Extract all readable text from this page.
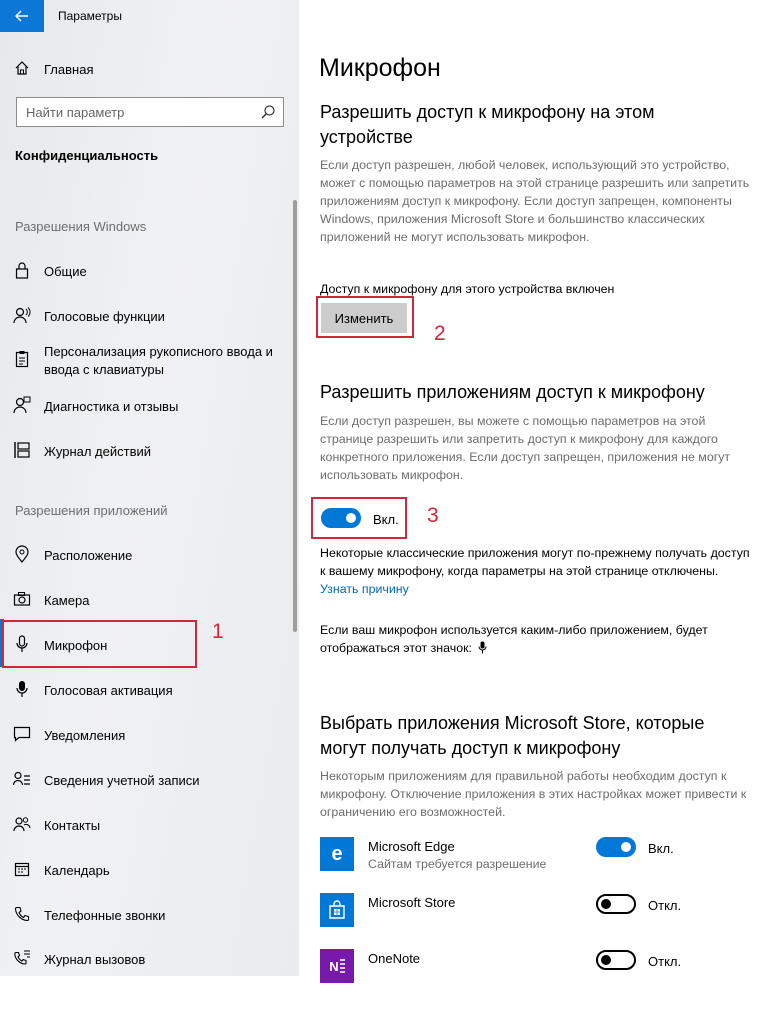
Параметры
Главная
Найти параметр
Конфиденциальность
Разрешения Windows
Общие
Голосовые функции
Персонализация рукописного ввода и ввода с клавиатуры
Диагностика и отзывы
Журнал действий
Разрешения приложений
Расположение
Камера
Микрофон
Голосовая активация
Уведомления
Сведения учетной записи
Контакты
Календарь
Телефонные звонки
Журнал вызовов
1
Микрофон
Разрешить доступ к микрофону на этом устройстве
Если доступ разрешен, любой человек, использующий это устройство, может с помощью параметров на этой странице разрешить или запретить приложениям доступ к микрофону. Если доступ запрещен, компоненты Windows, приложения Microsoft Store и большинство классических приложений не могут использовать микрофон.
Доступ к микрофону для этого устройства включен
Изменить
2
Разрешить приложениям доступ к микрофону
Если доступ разрешен, вы можете с помощью параметров на этой странице разрешить или запретить доступ к микрофону для каждого конкретного приложения. Если доступ запрещен, приложения не могут использовать микрофон.
Вкл. 3
Некоторые классические приложения могут по-прежнему получать доступ к вашему микрофону, когда параметры на этой странице отключены. Узнать причину
Если ваш микрофон используется каким-либо приложением, будет отображаться этот значок:
Выбрать приложения Microsoft Store, которые могут получать доступ к микрофону
Некоторым приложениям для правильной работы необходим доступ к микрофону. Отключение приложения в этих настройках может привести к ограничению его возможностей.
e Microsoft Edge
Сайтам требуется разрешение
Вкл.
Microsoft Store	Откл.
N
OneNote	Откл.
